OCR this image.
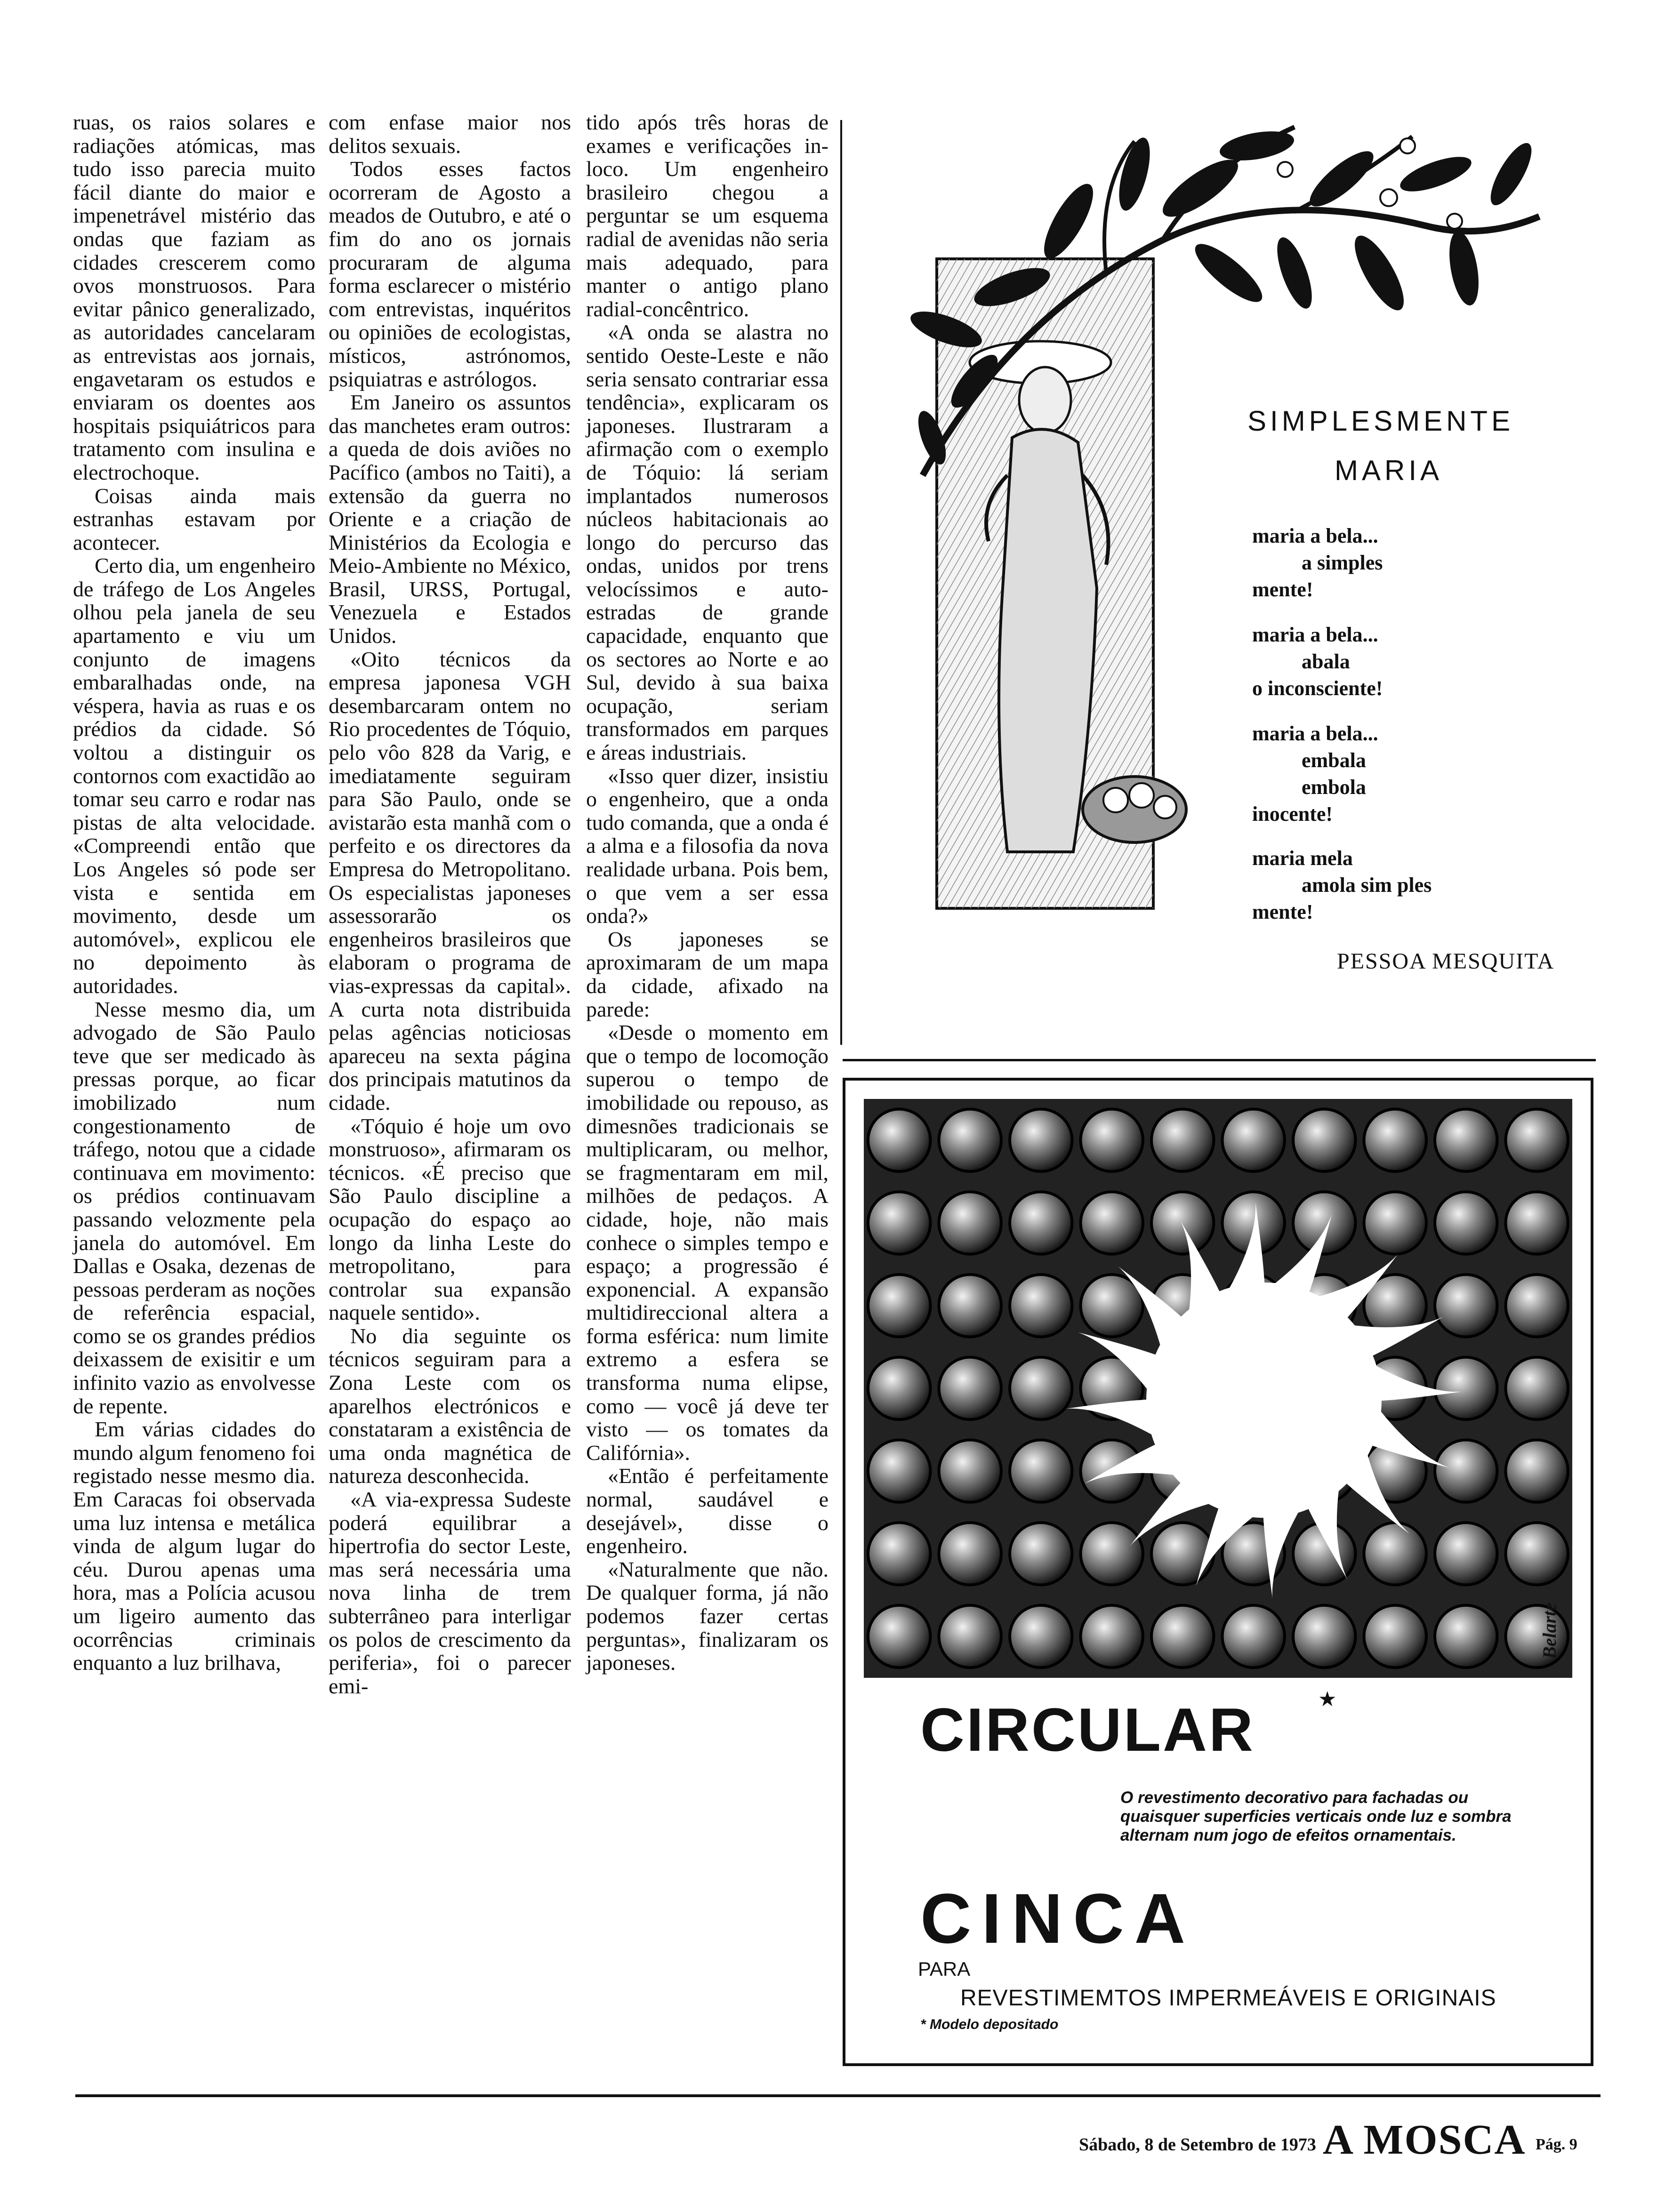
ruas, os raios solares e radiações atómicas, mas tudo isso parecia muito fácil diante do maior e impenetrável mistério das ondas que faziam as cidades crescerem como ovos monstruosos. Para evitar pânico generalizado, as autoridades cancelaram as entrevistas aos jornais, engavetaram os estudos e enviaram os doentes aos hospitais psiquiátricos para tratamento com insulina e electrochoque.

Coisas ainda mais estranhas estavam por acontecer.

Certo dia, um engenheiro de tráfego de Los Angeles olhou pela janela de seu apartamento e viu um conjunto de imagens embaralhadas onde, na véspera, havia as ruas e os prédios da cidade. Só voltou a distinguir os contornos com exactidão ao tomar seu carro e rodar nas pistas de alta velocidade. «Compreendi então que Los Angeles só pode ser vista e sentida em movimento, desde um automóvel», explicou ele no depoimento às autoridades.

Nesse mesmo dia, um advogado de São Paulo teve que ser medicado às pressas porque, ao ficar imobilizado num congestionamento de tráfego, notou que a cidade continuava em movimento: os prédios continuavam passando velozmente pela janela do automóvel. Em Dallas e Osaka, dezenas de pessoas perderam as noções de referência espacial, como se os grandes prédios deixassem de exisitir e um infinito vazio as envolvesse de repente.

Em várias cidades do mundo algum fenomeno foi registado nesse mesmo dia. Em Caracas foi observada uma luz intensa e metálica vinda de algum lugar do céu. Durou apenas uma hora, mas a Polícia acusou um ligeiro aumento das ocorrências criminais enquanto a luz brilhava,

com enfase maior nos delitos sexuais.

Todos esses factos ocorreram de Agosto a meados de Outubro, e até o fim do ano os jornais procuraram de alguma forma esclarecer o mistério com entrevistas, inquéritos ou opiniões de ecologistas, místicos, astrónomos, psiquiatras e astrólogos.

Em Janeiro os assuntos das manchetes eram outros: a queda de dois aviões no Pacífico (ambos no Taiti), a extensão da guerra no Oriente e a criação de Ministérios da Ecologia e Meio-Ambiente no México, Brasil, URSS, Portugal, Venezuela e Estados Unidos.

«Oito técnicos da empresa japonesa VGH desembarcaram ontem no Rio procedentes de Tóquio, pelo vôo 828 da Varig, e imediatamente seguiram para São Paulo, onde se avistarão esta manhã com o perfeito e os directores da Empresa do Metropolitano. Os especialistas japoneses assessorarão os engenheiros brasileiros que elaboram o programa de vias-expressas da capital». A curta nota distribuida pelas agências noticiosas apareceu na sexta página dos principais matutinos da cidade.

«Tóquio é hoje um ovo monstruoso», afirmaram os técnicos. «É preciso que São Paulo discipline a ocupação do espaço ao longo da linha Leste do metropolitano, para controlar sua expansão naquele sentido».

No dia seguinte os técnicos seguiram para a Zona Leste com os aparelhos electrónicos e constataram a existência de uma onda magnética de natureza desconhecida.

«A via-expressa Sudeste poderá equilibrar a hipertrofia do sector Leste, mas será necessária uma nova linha de trem subterrâneo para interligar os polos de crescimento da periferia», foi o parecer emi-

tido após três horas de exames e verificações in-loco. Um engenheiro brasileiro chegou a perguntar se um esquema radial de avenidas não seria mais adequado, para manter o antigo plano radial-concêntrico.

«A onda se alastra no sentido Oeste-Leste e não seria sensato contrariar essa tendência», explicaram os japoneses. Ilustraram a afirmação com o exemplo de Tóquio: lá seriam implantados numerosos núcleos habitacionais ao longo do percurso das ondas, unidos por trens velocíssimos e auto-estradas de grande capacidade, enquanto que os sectores ao Norte e ao Sul, devido à sua baixa ocupação, seriam transformados em parques e áreas industriais.

«Isso quer dizer, insistiu o engenheiro, que a onda tudo comanda, que a onda é a alma e a filosofia da nova realidade urbana. Pois bem, o que vem a ser essa onda?»

Os japoneses se aproximaram de um mapa da cidade, afixado na parede:

«Desde o momento em que o tempo de locomoção superou o tempo de imobilidade ou repouso, as dimesnões tradicionais se multiplicaram, ou melhor, se fragmentaram em mil, milhões de pedaços. A cidade, hoje, não mais conhece o simples tempo e espaço; a progressão é exponencial. A expansão multidireccional altera a forma esférica: num limite extremo a esfera se transforma numa elipse, como — você já deve ter visto — os tomates da Califórnia».

«Então é perfeitamente normal, saudável e desejável», disse o engenheiro.

«Naturalmente que não. De qualquer forma, já não podemos fazer certas perguntas», finalizaram os japoneses.

SIMPLESMENTE
MARIA
maria a bela...
a simples
mente!
maria a bela...
abala
o inconsciente!
maria a bela...
embala
embola
inocente!
maria mela
amola sim ples
mente!
PESSOA MESQUITA
Belarte
CIRCULAR	★
O revestimento decorativo para fachadas ou quaisquer superficies verticais onde luz e sombra alternam num jogo de efeitos ornamentais.
CINCA
PARA
REVESTIMEMTOS IMPERMEÁVEIS E ORIGINAIS
* Modelo depositado
Sábado, 8 de Setembro de 1973 A MOSCA Pág. 9
